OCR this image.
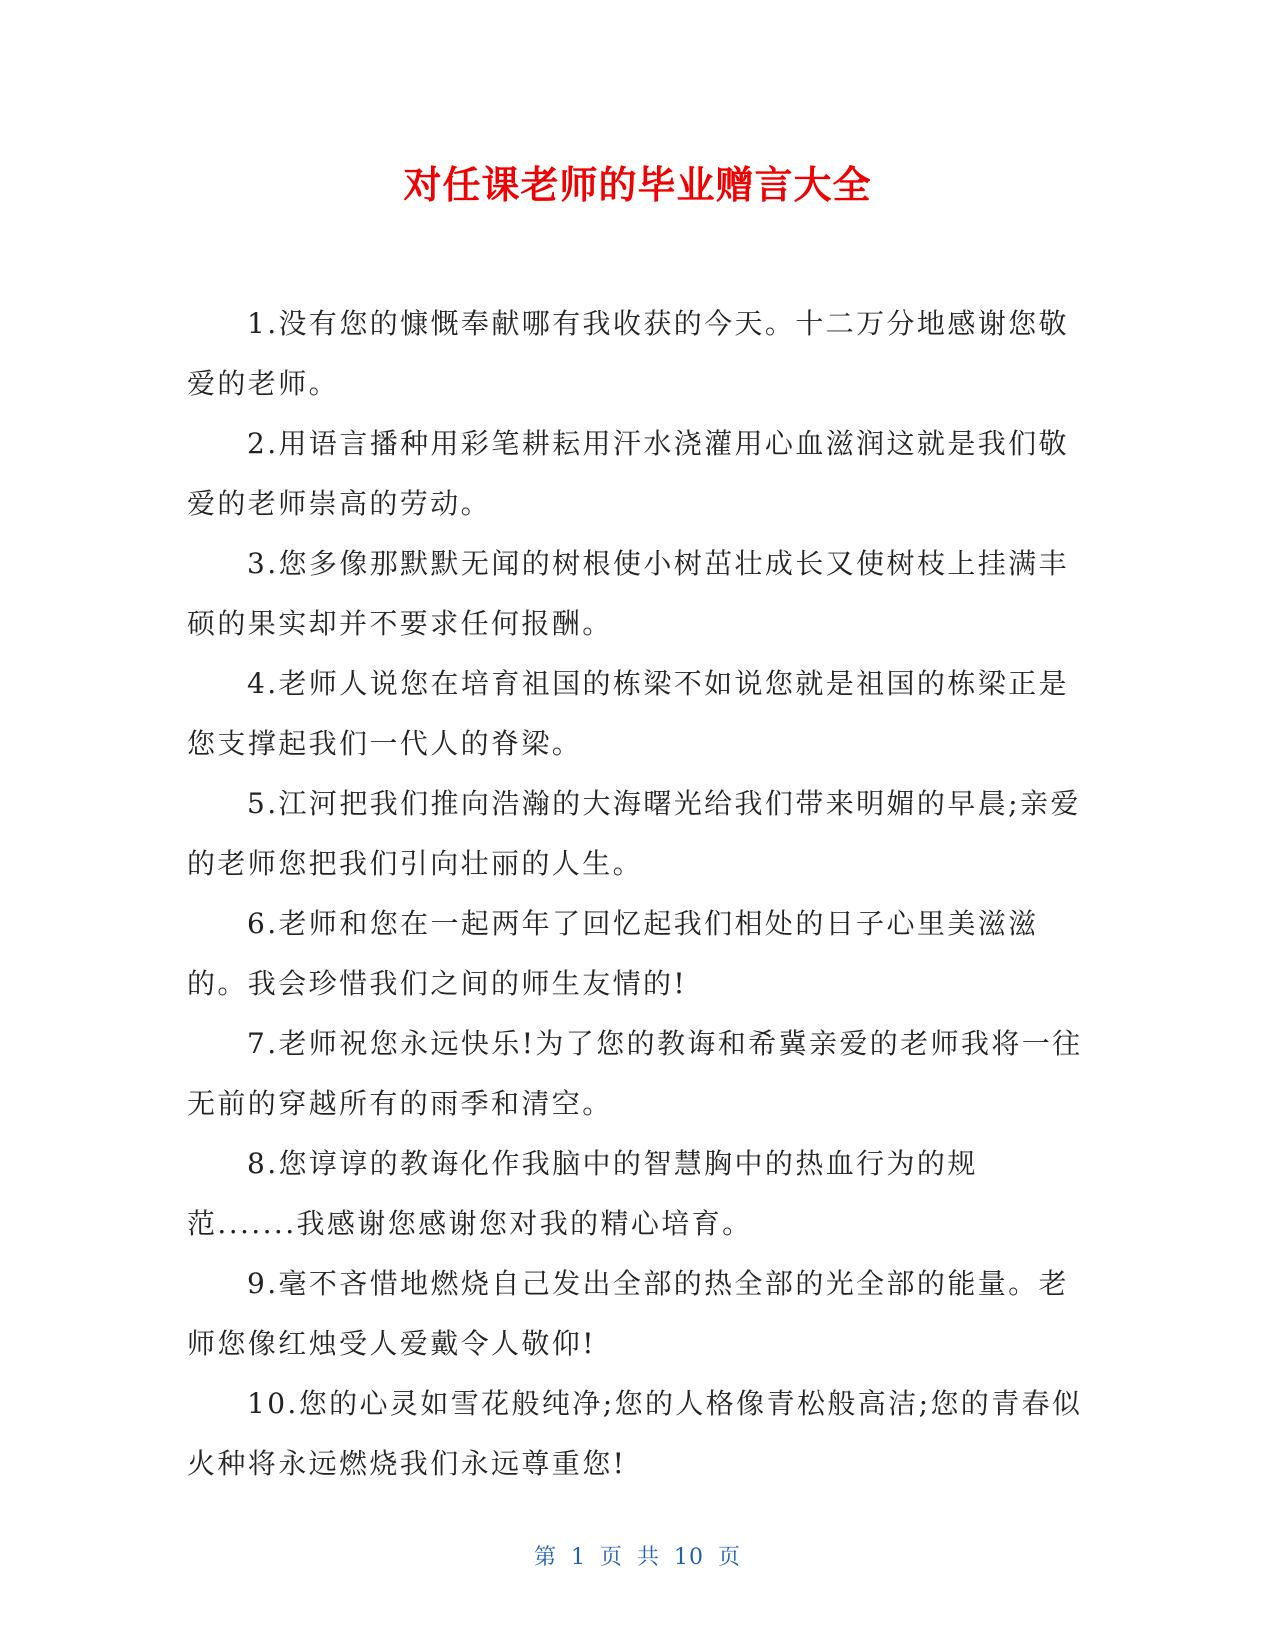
对任课老师的毕业赠言大全

1.没有您的慷慨奉献哪有我收获的今天。十二万分地感谢您敬爱的老师。

2.用语言播种用彩笔耕耘用汗水浇灌用心血滋润这就是我们敬爱的老师崇高的劳动。

3.您多像那默默无闻的树根使小树茁壮成长又使树枝上挂满丰硕的果实却并不要求任何报酬。

4.老师人说您在培育祖国的栋梁不如说您就是祖国的栋梁正是您支撑起我们一代人的脊梁。

5.江河把我们推向浩瀚的大海曙光给我们带来明媚的早晨;亲爱的老师您把我们引向壮丽的人生。

6.老师和您在一起两年了回忆起我们相处的日子心里美滋滋的。我会珍惜我们之间的师生友情的!

7.老师祝您永远快乐!为了您的教诲和希冀亲爱的老师我将一往无前的穿越所有的雨季和清空。

8.您谆谆的教诲化作我脑中的智慧胸中的热血行为的规范.......我感谢您感谢您对我的精心培育。

9.毫不吝惜地燃烧自己发出全部的热全部的光全部的能量。老师您像红烛受人爱戴令人敬仰!

10.您的心灵如雪花般纯净;您的人格像青松般高洁;您的青春似火种将永远燃烧我们永远尊重您!

第 1 页 共 10 页
